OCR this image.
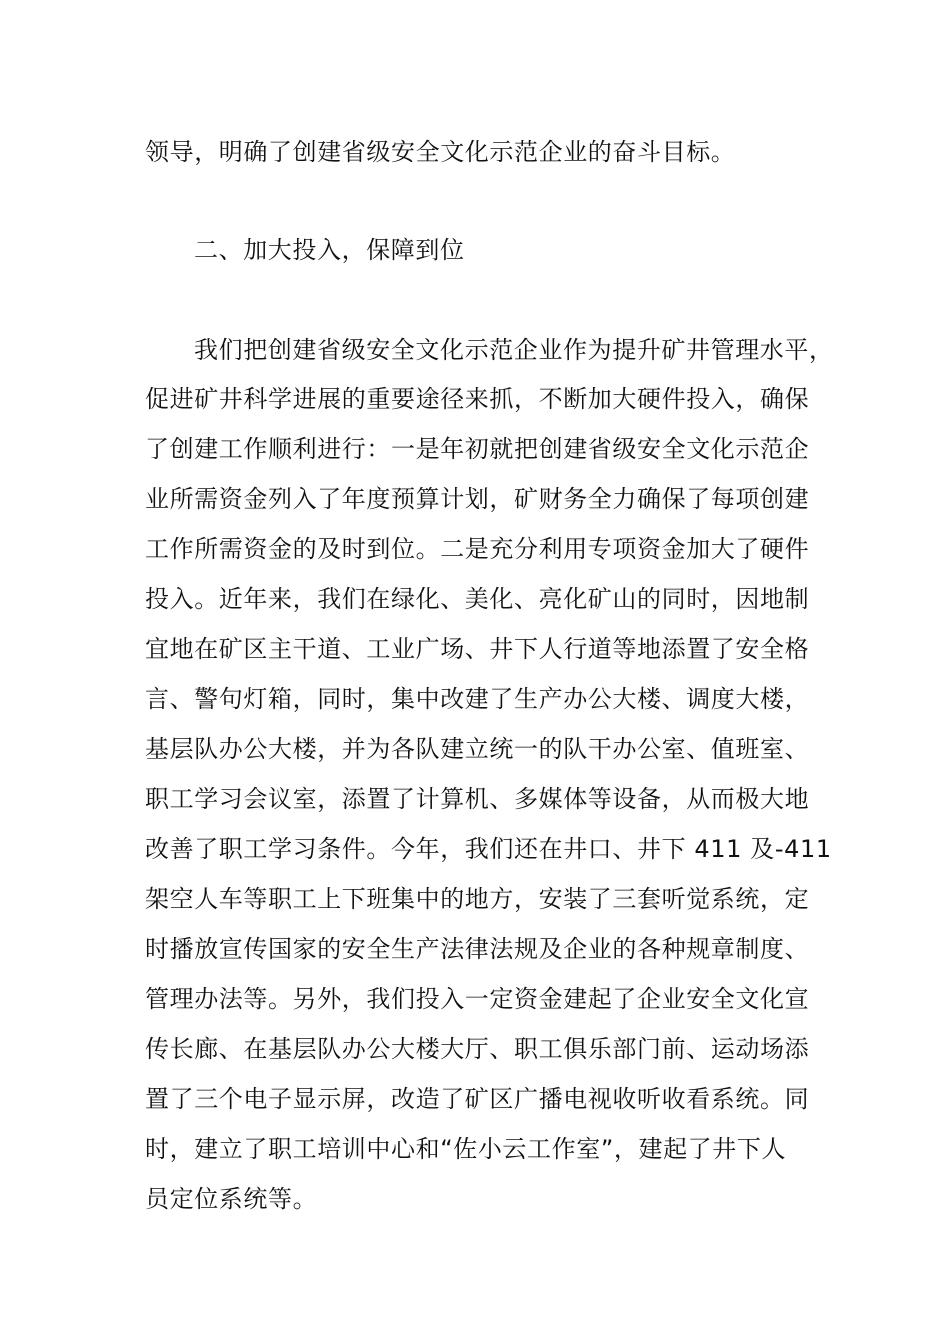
领导，明确了创建省级安全文化示范企业的奋斗目标。
二、加大投入，保障到位
我们把创建省级安全文化示范企业作为提升矿井管理水平，
促进矿井科学进展的重要途径来抓，不断加大硬件投入，确保
了创建工作顺利进行：一是年初就把创建省级安全文化示范企
业所需资金列入了年度预算计划，矿财务全力确保了每项创建
工作所需资金的及时到位。二是充分利用专项资金加大了硬件
投入。近年来，我们在绿化、美化、亮化矿山的同时，因地制
宜地在矿区主干道、工业广场、井下人行道等地添置了安全格
言、警句灯箱，同时，集中改建了生产办公大楼、调度大楼，
基层队办公大楼，并为各队建立统一的队干办公室、值班室、
职工学习会议室，添置了计算机、多媒体等设备，从而极大地
改善了职工学习条件。今年，我们还在井口、井下 411 及-411
架空人车等职工上下班集中的地方，安装了三套听觉系统，定
时播放宣传国家的安全生产法律法规及企业的各种规章制度、
管理办法等。另外，我们投入一定资金建起了企业安全文化宣
传长廊、在基层队办公大楼大厅、职工俱乐部门前、运动场添
置了三个电子显示屏，改造了矿区广播电视收听收看系统。同
时，建立了职工培训中心和“佐小云工作室”，建起了井下人
员定位系统等。
